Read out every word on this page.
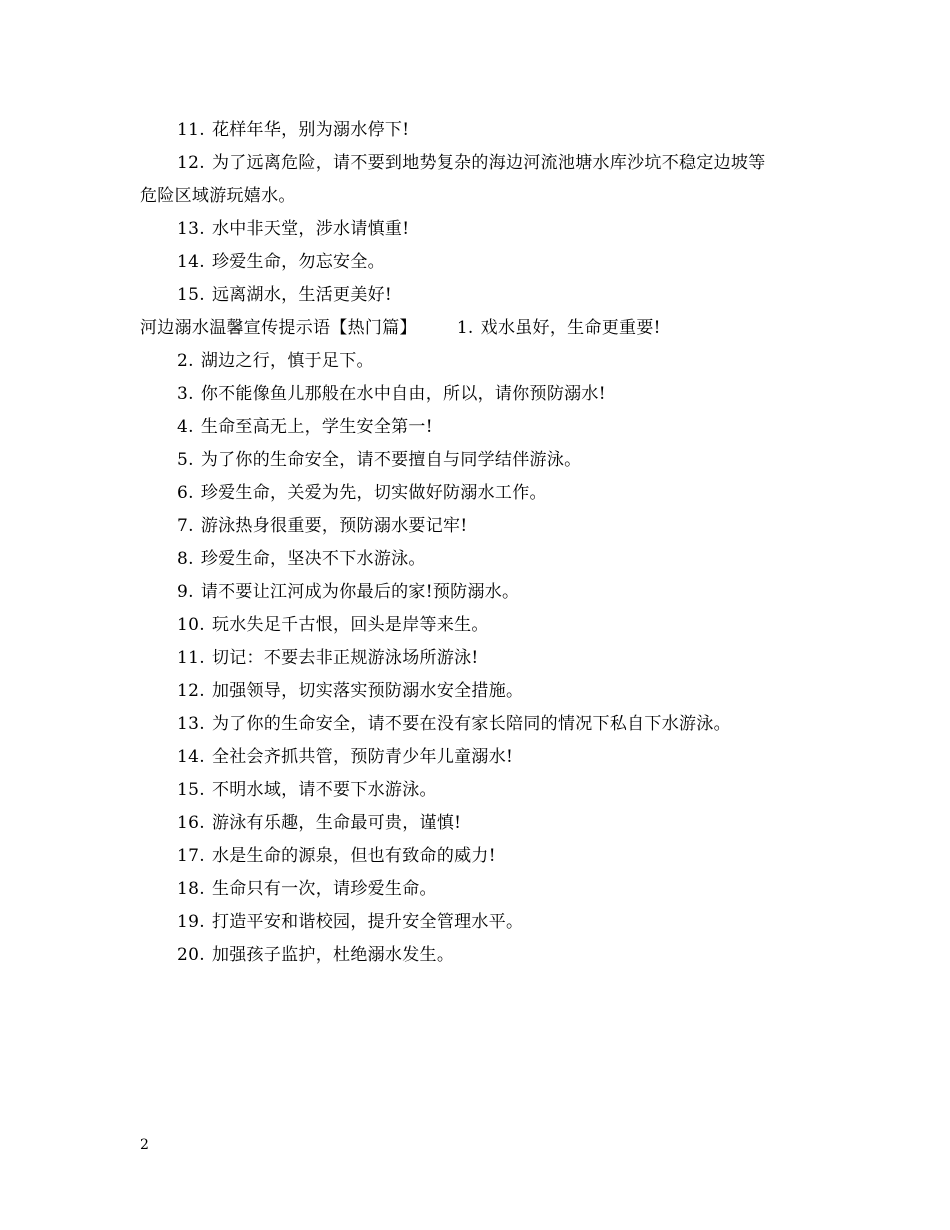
11. 花样年华，别为溺水停下!
12. 为了远离危险，请不要到地势复杂的海边河流池塘水库沙坑不稳定边坡等
危险区域游玩嬉水。
13. 水中非天堂，涉水请慎重!
14. 珍爱生命，勿忘安全。
15. 远离湖水，生活更美好!
河边溺水温馨宣传提示语【热门篇】 1. 戏水虽好，生命更重要!
2. 湖边之行，慎于足下。
3. 你不能像鱼儿那般在水中自由，所以，请你预防溺水!
4. 生命至高无上，学生安全第一!
5. 为了你的生命安全，请不要擅自与同学结伴游泳。
6. 珍爱生命，关爱为先，切实做好防溺水工作。
7. 游泳热身很重要，预防溺水要记牢!
8. 珍爱生命，坚决不下水游泳。
9. 请不要让江河成为你最后的家!预防溺水。
10. 玩水失足千古恨，回头是岸等来生。
11. 切记：不要去非正规游泳场所游泳!
12. 加强领导，切实落实预防溺水安全措施。
13. 为了你的生命安全，请不要在没有家长陪同的情况下私自下水游泳。
14. 全社会齐抓共管，预防青少年儿童溺水!
15. 不明水域，请不要下水游泳。
16. 游泳有乐趣，生命最可贵，谨慎!
17. 水是生命的源泉，但也有致命的威力!
18. 生命只有一次，请珍爱生命。
19. 打造平安和谐校园，提升安全管理水平。
20. 加强孩子监护，杜绝溺水发生。
2
